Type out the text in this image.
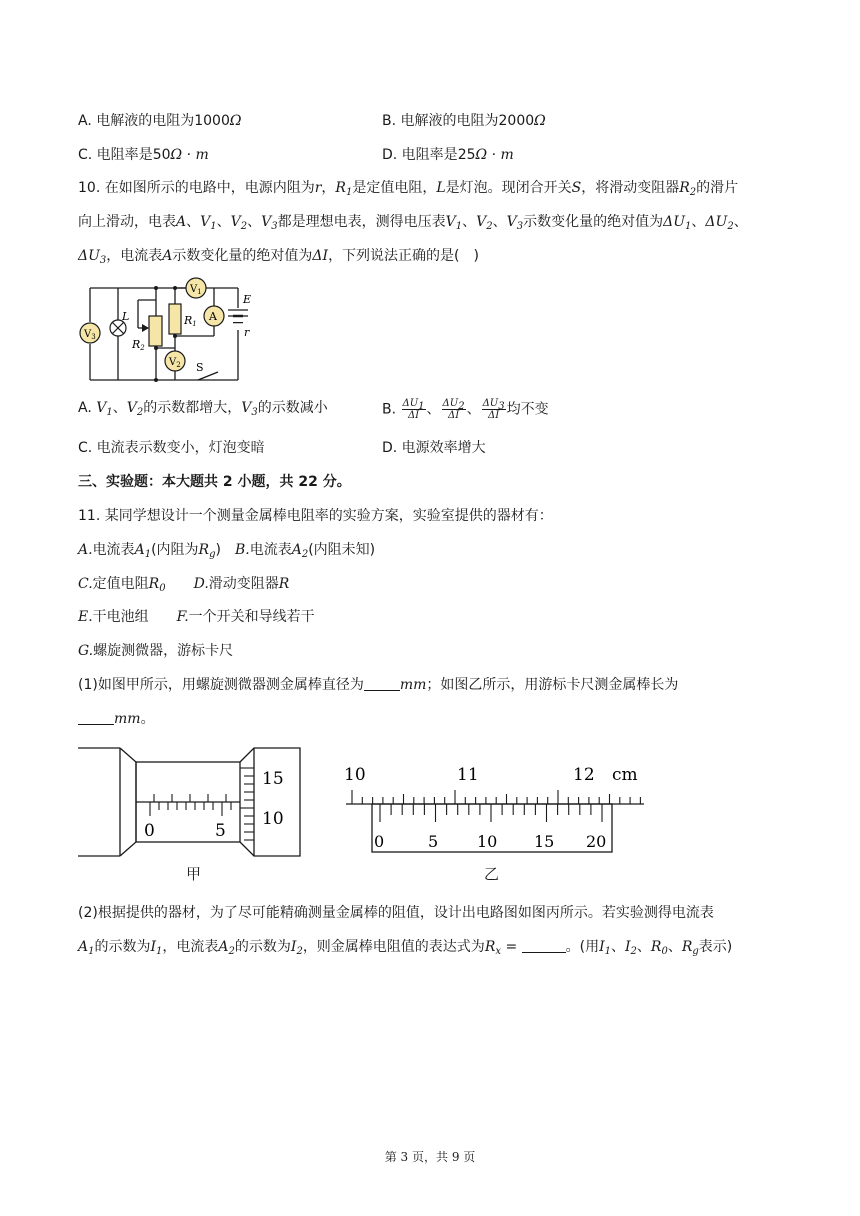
A. 电解液的电阻为1000Ω	B. 电解液的电阻为2000Ω
C. 电阻率是50Ω · m	D. 电阻率是25Ω · m
10. 在如图所示的电路中，电源内阻为r，$R_1$是定值电阻，L是灯泡。现闭合开关S，将滑动变阻器$R_2$的滑片
向上滑动，电表A、$V_1$、$V_2$、$V_3$都是理想电表，测得电压表$V_1$、$V_2$、$V_3$示数变化量的绝对值为$\Delta U_1$、$\Delta U_2$、
$\Delta U_3$，电流表A示数变化量的绝对值为ΔI，下列说法正确的是(　)
$V_3$
$V_1$
$V_2$
A
L	R1
R2
E
r
S
A. $V_1$、$V_2$的示数都增大，$V_3$的示数减小	B. $\frac{\Delta U_1}{\Delta I}$ 、 $\frac{\Delta U_2}{\Delta I}$ 、 $\frac{\Delta U_3}{\Delta I}$ 均不变
C. 电流表示数变小，灯泡变暗	D. 电源效率增大
三、实验题：本大题共 2 小题，共 22 分。
11. 某同学想设计一个测量金属棒电阻率的实验方案，实验室提供的器材有：
A.电流表$A_1$(内阻为$R_g$)　B.电流表$A_2$(内阻未知)
C.定值电阻$R_0$　　 D.滑动变阻器R
E.干电池组　　 F.一个开关和导线若干
G.螺旋测微器，游标卡尺
(1)如图甲所示，用螺旋测微器测金属棒直径为	mm；如图乙所示，用游标卡尺测金属棒长为
mm。
15
10
0	5
甲
10	11	12 cm
0	5 10 15 20
乙
(2)根据提供的器材，为了尽可能精确测量金属棒的阻值，设计出电路图如图丙所示。若实验测得电流表
$A_1$的示数为$I_1$，电流表$A_2$的示数为$I_2$，则金属棒电阻值的表达式为$R_x$ =	。(用$I_1$、$I_2$、$R_0$、$R_g$表示)
第 3 页，共 9 页
